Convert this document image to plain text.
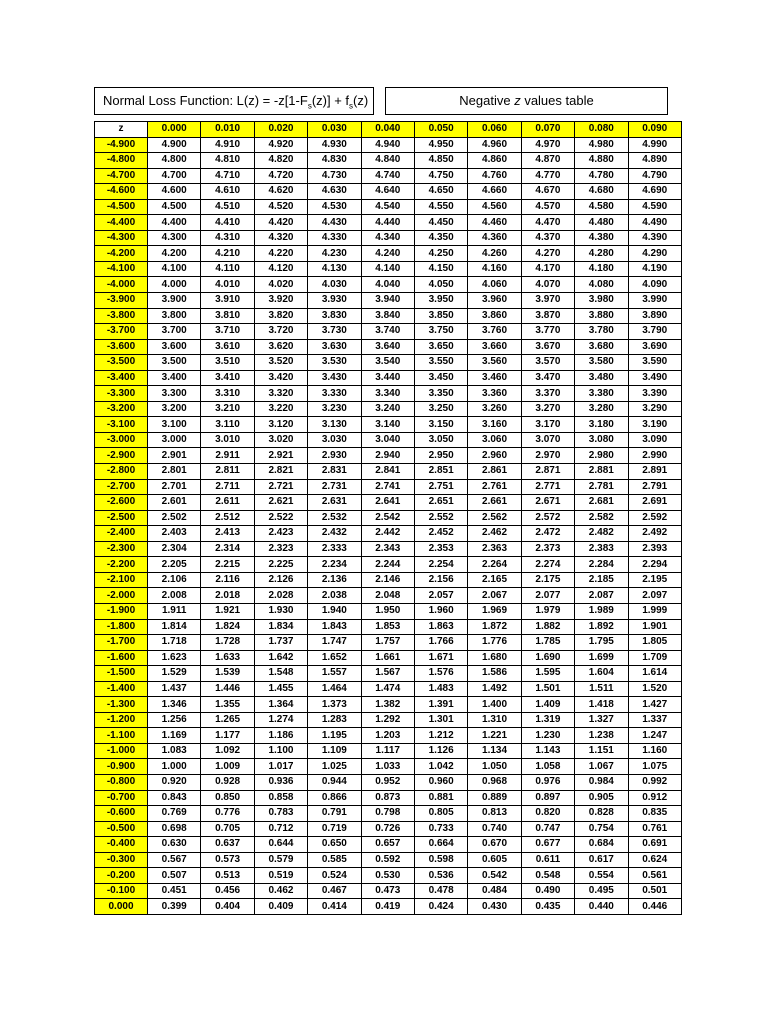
Normal Loss Function: $L(z) = -z[1-F_s(z)] + f_s(z)$	Negative z values table
z	0.000	0.010	0.020	0.030	0.040	0.050	0.060	0.070	0.080	0.090
-4.900	4.900	4.910	4.920	4.930	4.940	4.950	4.960	4.970	4.980	4.990
-4.800	4.800	4.810	4.820	4.830	4.840	4.850	4.860	4.870	4.880	4.890
-4.700	4.700	4.710	4.720	4.730	4.740	4.750	4.760	4.770	4.780	4.790
-4.600	4.600	4.610	4.620	4.630	4.640	4.650	4.660	4.670	4.680	4.690
-4.500	4.500	4.510	4.520	4.530	4.540	4.550	4.560	4.570	4.580	4.590
-4.400	4.400	4.410	4.420	4.430	4.440	4.450	4.460	4.470	4.480	4.490
-4.300	4.300	4.310	4.320	4.330	4.340	4.350	4.360	4.370	4.380	4.390
-4.200	4.200	4.210	4.220	4.230	4.240	4.250	4.260	4.270	4.280	4.290
-4.100	4.100	4.110	4.120	4.130	4.140	4.150	4.160	4.170	4.180	4.190
-4.000	4.000	4.010	4.020	4.030	4.040	4.050	4.060	4.070	4.080	4.090
-3.900	3.900	3.910	3.920	3.930	3.940	3.950	3.960	3.970	3.980	3.990
-3.800	3.800	3.810	3.820	3.830	3.840	3.850	3.860	3.870	3.880	3.890
-3.700	3.700	3.710	3.720	3.730	3.740	3.750	3.760	3.770	3.780	3.790
-3.600	3.600	3.610	3.620	3.630	3.640	3.650	3.660	3.670	3.680	3.690
-3.500	3.500	3.510	3.520	3.530	3.540	3.550	3.560	3.570	3.580	3.590
-3.400	3.400	3.410	3.420	3.430	3.440	3.450	3.460	3.470	3.480	3.490
-3.300	3.300	3.310	3.320	3.330	3.340	3.350	3.360	3.370	3.380	3.390
-3.200	3.200	3.210	3.220	3.230	3.240	3.250	3.260	3.270	3.280	3.290
-3.100	3.100	3.110	3.120	3.130	3.140	3.150	3.160	3.170	3.180	3.190
-3.000	3.000	3.010	3.020	3.030	3.040	3.050	3.060	3.070	3.080	3.090
-2.900	2.901	2.911	2.921	2.930	2.940	2.950	2.960	2.970	2.980	2.990
-2.800	2.801	2.811	2.821	2.831	2.841	2.851	2.861	2.871	2.881	2.891
-2.700	2.701	2.711	2.721	2.731	2.741	2.751	2.761	2.771	2.781	2.791
-2.600	2.601	2.611	2.621	2.631	2.641	2.651	2.661	2.671	2.681	2.691
-2.500	2.502	2.512	2.522	2.532	2.542	2.552	2.562	2.572	2.582	2.592
-2.400	2.403	2.413	2.423	2.432	2.442	2.452	2.462	2.472	2.482	2.492
-2.300	2.304	2.314	2.323	2.333	2.343	2.353	2.363	2.373	2.383	2.393
-2.200	2.205	2.215	2.225	2.234	2.244	2.254	2.264	2.274	2.284	2.294
-2.100	2.106	2.116	2.126	2.136	2.146	2.156	2.165	2.175	2.185	2.195
-2.000	2.008	2.018	2.028	2.038	2.048	2.057	2.067	2.077	2.087	2.097
-1.900	1.911	1.921	1.930	1.940	1.950	1.960	1.969	1.979	1.989	1.999
-1.800	1.814	1.824	1.834	1.843	1.853	1.863	1.872	1.882	1.892	1.901
-1.700	1.718	1.728	1.737	1.747	1.757	1.766	1.776	1.785	1.795	1.805
-1.600	1.623	1.633	1.642	1.652	1.661	1.671	1.680	1.690	1.699	1.709
-1.500	1.529	1.539	1.548	1.557	1.567	1.576	1.586	1.595	1.604	1.614
-1.400	1.437	1.446	1.455	1.464	1.474	1.483	1.492	1.501	1.511	1.520
-1.300	1.346	1.355	1.364	1.373	1.382	1.391	1.400	1.409	1.418	1.427
-1.200	1.256	1.265	1.274	1.283	1.292	1.301	1.310	1.319	1.327	1.337
-1.100	1.169	1.177	1.186	1.195	1.203	1.212	1.221	1.230	1.238	1.247
-1.000	1.083	1.092	1.100	1.109	1.117	1.126	1.134	1.143	1.151	1.160
-0.900	1.000	1.009	1.017	1.025	1.033	1.042	1.050	1.058	1.067	1.075
-0.800	0.920	0.928	0.936	0.944	0.952	0.960	0.968	0.976	0.984	0.992
-0.700	0.843	0.850	0.858	0.866	0.873	0.881	0.889	0.897	0.905	0.912
-0.600	0.769	0.776	0.783	0.791	0.798	0.805	0.813	0.820	0.828	0.835
-0.500	0.698	0.705	0.712	0.719	0.726	0.733	0.740	0.747	0.754	0.761
-0.400	0.630	0.637	0.644	0.650	0.657	0.664	0.670	0.677	0.684	0.691
-0.300	0.567	0.573	0.579	0.585	0.592	0.598	0.605	0.611	0.617	0.624
-0.200	0.507	0.513	0.519	0.524	0.530	0.536	0.542	0.548	0.554	0.561
-0.100	0.451	0.456	0.462	0.467	0.473	0.478	0.484	0.490	0.495	0.501
0.000	0.399	0.404	0.409	0.414	0.419	0.424	0.430	0.435	0.440	0.446
